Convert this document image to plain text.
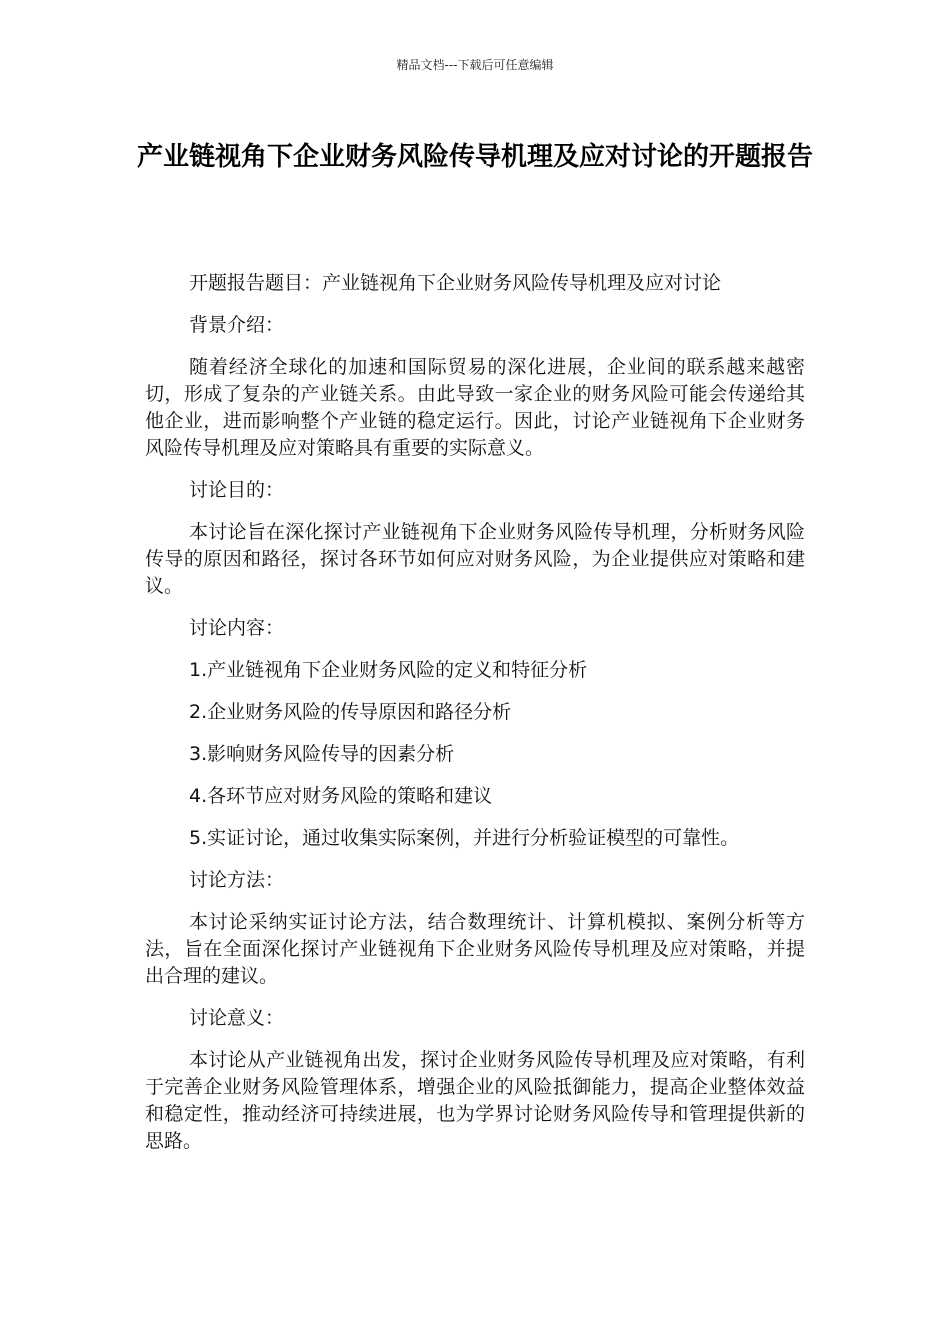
精品文档---下载后可任意编辑
产业链视角下企业财务风险传导机理及应对讨论的开题报告

开题报告题目：产业链视角下企业财务风险传导机理及应对讨论

背景介绍：

随着经济全球化的加速和国际贸易的深化进展，企业间的联系越来越密切，形成了复杂的产业链关系。由此导致一家企业的财务风险可能会传递给其他企业，进而影响整个产业链的稳定运行。因此，讨论产业链视角下企业财务风险传导机理及应对策略具有重要的实际意义。

讨论目的：

本讨论旨在深化探讨产业链视角下企业财务风险传导机理，分析财务风险传导的原因和路径，探讨各环节如何应对财务风险，为企业提供应对策略和建议。

讨论内容：

1.产业链视角下企业财务风险的定义和特征分析

2.企业财务风险的传导原因和路径分析

3.影响财务风险传导的因素分析

4.各环节应对财务风险的策略和建议

5.实证讨论，通过收集实际案例，并进行分析验证模型的可靠性。

讨论方法：

本讨论采纳实证讨论方法，结合数理统计、计算机模拟、案例分析等方法，旨在全面深化探讨产业链视角下企业财务风险传导机理及应对策略，并提出合理的建议。

讨论意义：

本讨论从产业链视角出发，探讨企业财务风险传导机理及应对策略，有利于完善企业财务风险管理体系，增强企业的风险抵御能力，提高企业整体效益和稳定性，推动经济可持续进展，也为学界讨论财务风险传导和管理提供新的思路。
